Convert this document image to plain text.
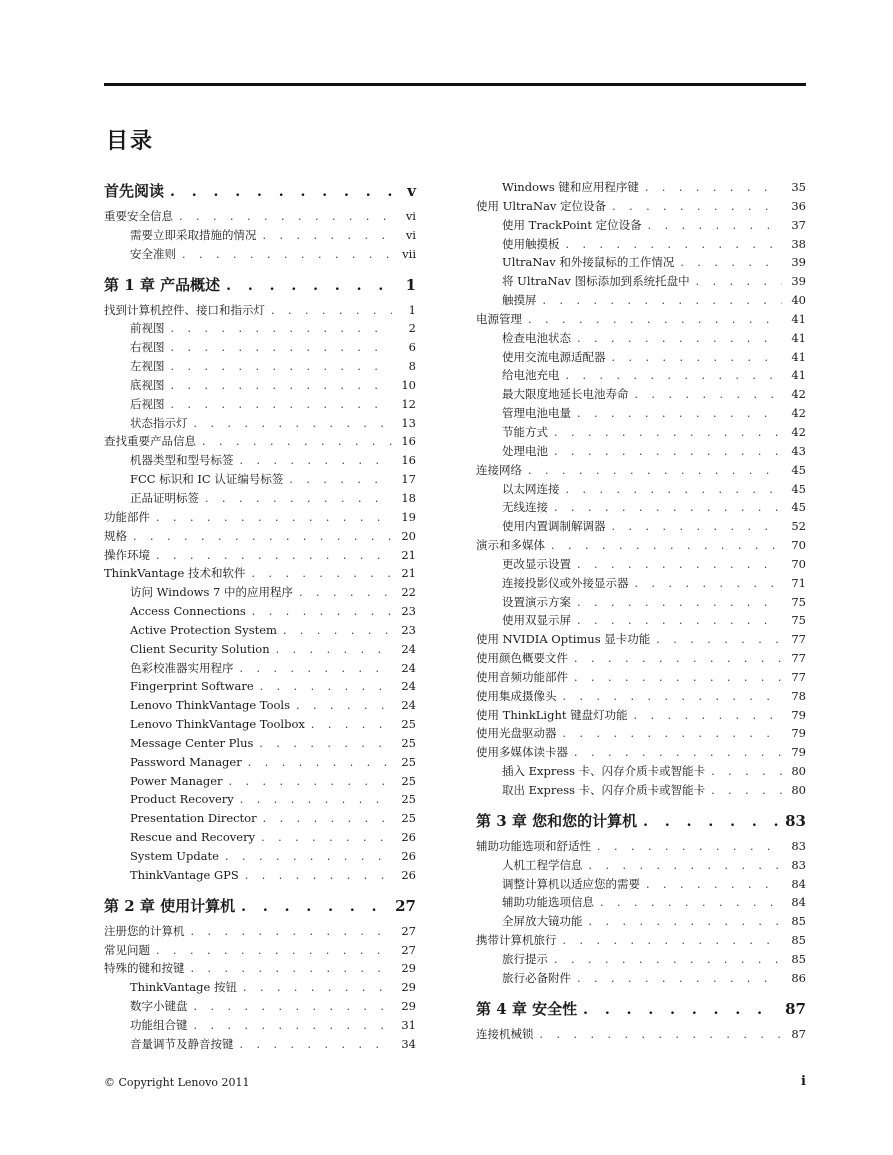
目录
首先阅读 . . .	v
重要安全信息 . . .	vi
需要立即采取措施的情况 . . .	vi
安全准则 . . .	vii
第 1 章 产品概述 . . .	1
找到计算机控件、接口和指示灯 . . .	1
前视图 . . .	2
右视图 . . .	6
左视图 . . .	8
底视图 . . .	10
后视图 . . .	12
状态指示灯 . . .	13
查找重要产品信息 . . .	16
机器类型和型号标签 . . .	16
FCC 标识和 IC 认证编号标签 . . .	17
正品证明标签 . . .	18
功能部件 . . .	19
规格 . . .	20
操作环境 . . .	21
ThinkVantage 技术和软件 . . .	21
访问 Windows 7 中的应用程序 . . .	22
Access Connections . . .	23
Active Protection System . . .	23
Client Security Solution . . .	24
色彩校准器实用程序 . . .	24
Fingerprint Software . . .	24
Lenovo ThinkVantage Tools . . .	24
Lenovo ThinkVantage Toolbox . . .	25
Message Center Plus . . .	25
Password Manager . . .	25
Power Manager . . .	25
Product Recovery . . .	25
Presentation Director . . .	25
Rescue and Recovery . . .	26
System Update . . .	26
ThinkVantage GPS . . .	26
第 2 章 使用计算机 . . .	27
注册您的计算机 . . .	27
常见问题 . . .	27
特殊的键和按键 . . .	29
ThinkVantage 按钮 . . .	29
数字小键盘 . . .	29
功能组合键 . . .	31
音量调节及静音按键 . . .	34
Windows 键和应用程序键 . . .	35
使用 UltraNav 定位设备 . . .	36
使用 TrackPoint 定位设备 . . .	37
使用触摸板 . . .	38
UltraNav 和外接鼠标的工作情况 . . .	39
将 UltraNav 图标添加到系统托盘中 . . .	39
触摸屏 . . .	40
电源管理 . . .	41
检查电池状态 . . .	41
使用交流电源适配器 . . .	41
给电池充电 . . .	41
最大限度地延长电池寿命 . . .	42
管理电池电量 . . .	42
节能方式 . . .	42
处理电池 . . .	43
连接网络 . . .	45
以太网连接 . . .	45
无线连接 . . .	45
使用内置调制解调器 . . .	52
演示和多媒体 . . .	70
更改显示设置 . . .	70
连接投影仪或外接显示器 . . .	71
设置演示方案 . . .	75
使用双显示屏 . . .	75
使用 NVIDIA Optimus 显卡功能 . . .	77
使用颜色概要文件 . . .	77
使用音频功能部件 . . .	77
使用集成摄像头 . . .	78
使用 ThinkLight 键盘灯功能 . . .	79
使用光盘驱动器 . . .	79
使用多媒体读卡器 . . .	79
插入 Express 卡、闪存介质卡或智能卡 . . .	80
取出 Express 卡、闪存介质卡或智能卡 . . .	80
第 3 章 您和您的计算机 . . .	83
辅助功能选项和舒适性 . . .	83
人机工程学信息 . . .	83
调整计算机以适应您的需要 . . .	84
辅助功能选项信息 . . .	84
全屏放大镜功能 . . .	85
携带计算机旅行 . . .	85
旅行提示 . . .	85
旅行必备附件 . . .	86
第 4 章 安全性 . . .	87
连接机械锁 . . .	87
© Copyright Lenovo 2011	i
